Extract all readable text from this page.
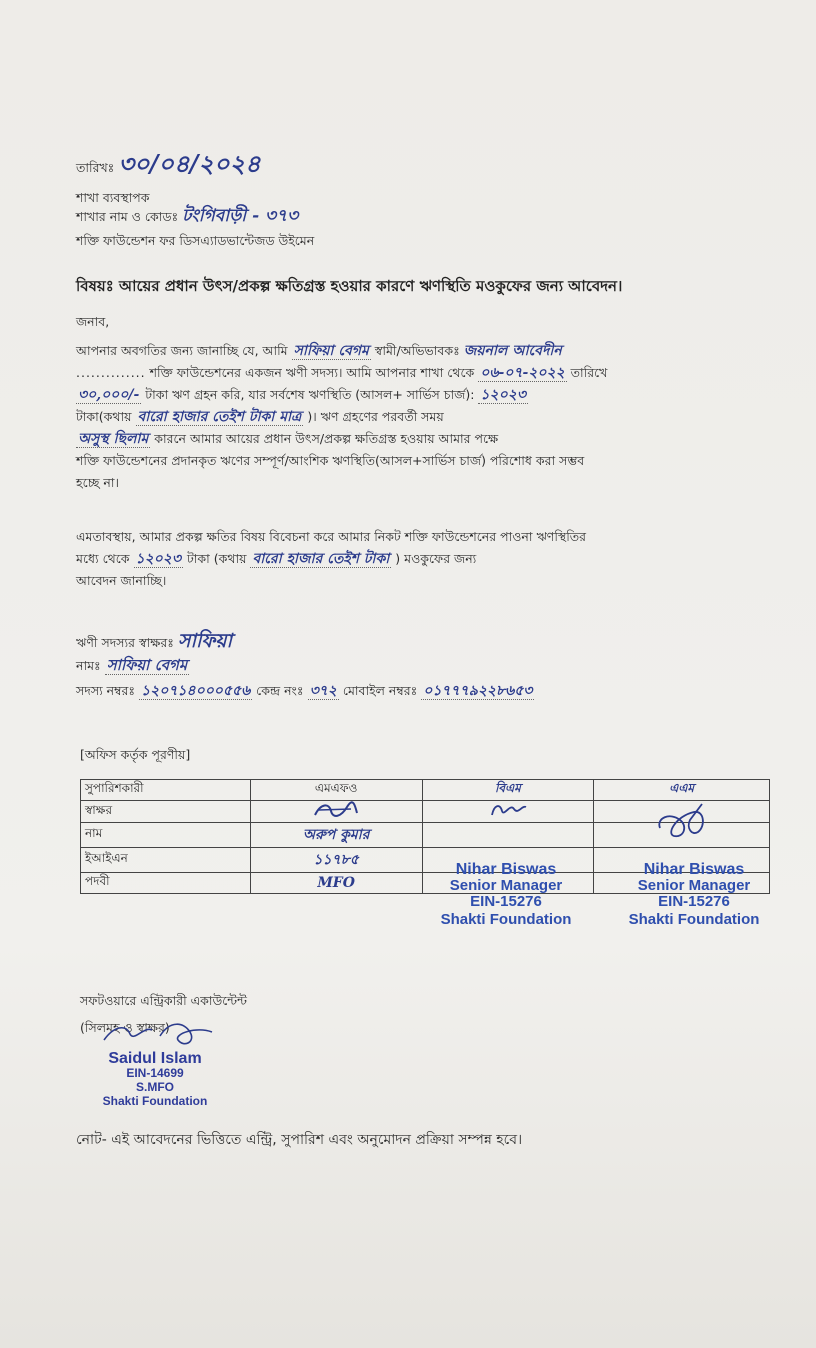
তারিখঃ ৩০/০৪/২০২৪
শাখা ব্যবস্থাপক
শাখার নাম ও কোডঃ টংগিবাড়ী - ৩৭৩
শক্তি ফাউন্ডেশন ফর ডিসএ্যাডভান্টেজড উইমেন
বিষয়ঃ আয়ের প্রধান উৎস/প্রকল্প ক্ষতিগ্রস্ত হওয়ার কারণে ঋণস্থিতি মওকুফের জন্য আবেদন।
জনাব,
আপনার অবগতির জন্য জানাচ্ছি যে, আমি সাফিয়া বেগম স্বামী/অভিভাবকঃ জয়নাল আবেদীন
.............. শক্তি ফাউন্ডেশনের একজন ঋণী সদস্য। আমি আপনার শাখা থেকে ০৬-০৭-২০২২ তারিখে
৩০,০০০/- টাকা ঋণ গ্রহন করি, যার সর্বশেষ ঋণস্থিতি (আসল+ সার্ভিস চার্জ): ১২০২৩
টাকা(কথায় বারো হাজার তেইশ টাকা মাত্র )। ঋণ গ্রহণের পরবর্তী সময়
অসুস্থ ছিলাম কারনে আমার আয়ের প্রধান উৎস/প্রকল্প ক্ষতিগ্রস্ত হওয়ায় আমার পক্ষে
শক্তি ফাউন্ডেশনের প্রদানকৃত ঋণের সম্পূর্ণ/আংশিক ঋণস্থিতি(আসল+সার্ভিস চার্জ) পরিশোধ করা সম্ভব
হচ্ছে না।
এমতাবস্থায়, আমার প্রকল্প ক্ষতির বিষয় বিবেচনা করে আমার নিকট শক্তি ফাউন্ডেশনের পাওনা ঋণস্থিতির
মধ্যে থেকে ১২০২৩ টাকা (কথায় বারো হাজার তেইশ টাকা ) মওকুফের জন্য
আবেদন জানাচ্ছি।
ঋণী সদস্যর স্বাক্ষরঃ সাফিয়া
নামঃ সাফিয়া বেগম
সদস্য নম্বরঃ ১২০৭১৪০০০৫৫৬ কেন্দ্র নংঃ ৩৭২ মোবাইল নম্বরঃ ০১৭৭৭৯২২৮৬৫৩
[অফিস কর্তৃক পূরণীয়]
সুপারিশকারী	এমএফও	বিএম	এএম
স্বাক্ষর			
নাম	অরুপ কুমার		
ইআইএন	১১৭৮৫		
পদবী	MFO		
Nihar Biswas
Senior Manager
EIN-15276
Shakti Foundation
Nihar Biswas
Senior Manager
EIN-15276
Shakti Foundation
সফটওয়ারে এন্ট্রিকারী একাউন্টেন্ট
(সিলমহ ও স্বাক্ষর)
Saidul Islam
EIN-14699
S.MFO
Shakti Foundation
নোট- এই আবেদনের ভিত্তিতে এন্ট্রি, সুপারিশ এবং অনুমোদন প্রক্রিয়া সম্পন্ন হবে।
